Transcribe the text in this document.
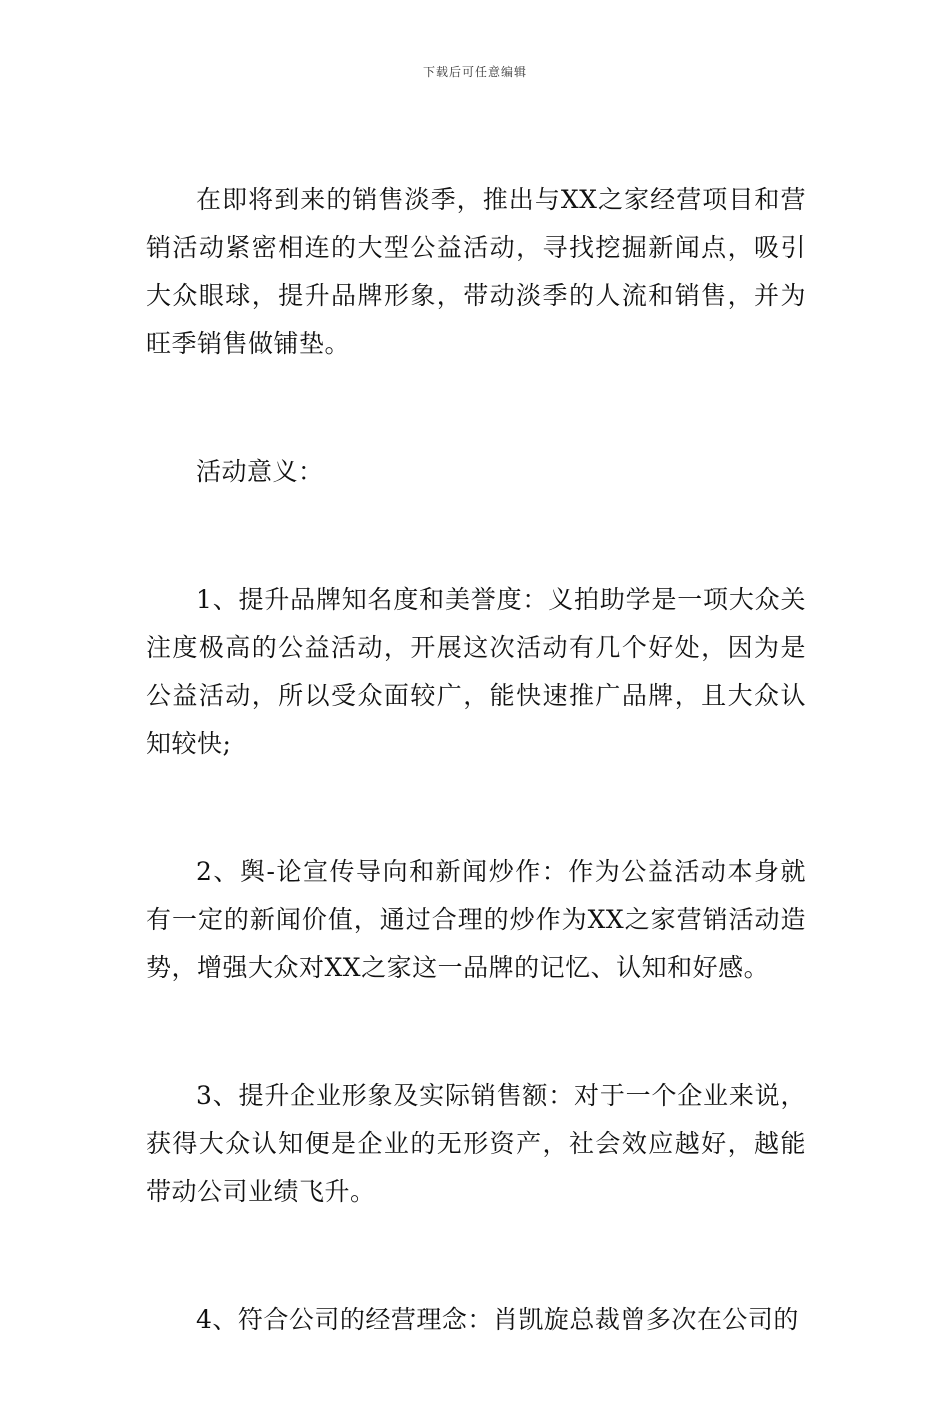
下载后可任意编辑

在即将到来的销售淡季，推出与XX之家经营项目和营销活动紧密相连的大型公益活动，寻找挖掘新闻点，吸引大众眼球，提升品牌形象，带动淡季的人流和销售，并为旺季销售做铺垫。

活动意义：

1、提升品牌知名度和美誉度：义拍助学是一项大众关注度极高的公益活动，开展这次活动有几个好处，因为是公益活动，所以受众面较广，能快速推广品牌，且大众认知较快;

2、舆-论宣传导向和新闻炒作：作为公益活动本身就有一定的新闻价值，通过合理的炒作为XX之家营销活动造势，增强大众对XX之家这一品牌的记忆、认知和好感。

3、提升企业形象及实际销售额：对于一个企业来说，获得大众认知便是企业的无形资产，社会效应越好，越能带动公司业绩飞升。

4、符合公司的经营理念：肖凯旋总裁曾多次在公司的
